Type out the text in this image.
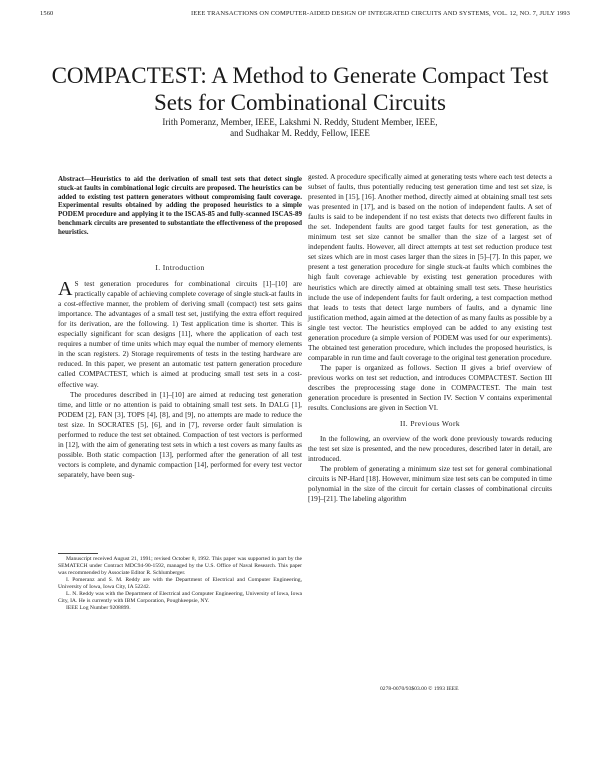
1560	IEEE TRANSACTIONS ON COMPUTER-AIDED DESIGN OF INTEGRATED CIRCUITS AND SYSTEMS, VOL. 12, NO. 7, JULY 1993
COMPACTEST: A Method to Generate Compact Test Sets for Combinational Circuits
Irith Pomeranz, Member, IEEE, Lakshmi N. Reddy, Student Member, IEEE,
and Sudhakar M. Reddy, Fellow, IEEE
Abstract—Heuristics to aid the derivation of small test sets that detect single stuck-at faults in combinational logic circuits are proposed. The heuristics can be added to existing test pattern generators without compromising fault coverage. Experimental results obtained by adding the proposed heuristics to a simple PODEM procedure and applying it to the ISCAS-85 and fully-scanned ISCAS-89 benchmark circuits are presented to substantiate the effectiveness of the proposed heuristics.
I. Introduction

A S test generation procedures for combinational circuits [1]–[10] are practically capable of achieving complete coverage of single stuck-at faults in a cost-effective manner, the problem of deriving small (compact) test sets gains importance. The advantages of a small test set, justifying the extra effort required for its derivation, are the following. 1) Test application time is shorter. This is especially significant for scan designs [11], where the application of each test requires a number of time units which may equal the number of memory elements in the scan registers. 2) Storage requirements of tests in the testing hardware are reduced. In this paper, we present an automatic test pattern generation procedure called COMPACTEST, which is aimed at producing small test sets in a cost-effective way.

The procedures described in [1]–[10] are aimed at reducing test generation time, and little or no attention is paid to obtaining small test sets. In DALG [1], PODEM [2], FAN [3], TOPS [4], [8], and [9], no attempts are made to reduce the test size. In SOCRATES [5], [6], and in [7], reverse order fault simulation is performed to reduce the test set obtained. Compaction of test vectors is performed in [12], with the aim of generating test sets in which a test covers as many faults as possible. Both static compaction [13], performed after the generation of all test vectors is complete, and dynamic compaction [14], performed for every test vector separately, have been sug-

Manuscript received August 21, 1991; revised October 8, 1992. This paper was supported in part by the SEMATECH under Contract MDC94-90-1592, managed by the U.S. Office of Naval Research. This paper was recommended by Associate Editor R. Schlumberger.

I. Pomeranz and S. M. Reddy are with the Department of Electrical and Computer Engineering, University of Iowa, Iowa City, IA 52242.

L. N. Reddy was with the Department of Electrical and Computer Engineering, University of Iowa, Iowa City, IA. He is currently with IBM Corporation, Poughkeepsie, NY.

IEEE Log Number 9208899.

gested. A procedure specifically aimed at generating tests where each test detects a subset of faults, thus potentially reducing test generation time and test set size, is presented in [15], [16]. Another method, directly aimed at obtaining small test sets was presented in [17], and is based on the notion of independent faults. A set of faults is said to be independent if no test exists that detects two different faults in the set. Independent faults are good target faults for test generation, as the minimum test set size cannot be smaller than the size of a largest set of independent faults. However, all direct attempts at test set reduction produce test set sizes which are in most cases larger than the sizes in [5]–[7]. In this paper, we present a test generation procedure for single stuck-at faults which combines the high fault coverage achievable by existing test generation procedures with heuristics which are directly aimed at obtaining small test sets. These heuristics include the use of independent faults for fault ordering, a test compaction method that leads to tests that detect large numbers of faults, and a dynamic line justification method, again aimed at the detection of as many faults as possible by a single test vector. The heuristics employed can be added to any existing test generation procedure (a simple version of PODEM was used for our experiments). The obtained test generation procedure, which includes the proposed heuristics, is comparable in run time and fault coverage to the original test generation procedure.

The paper is organized as follows. Section II gives a brief overview of previous works on test set reduction, and introduces COMPACTEST. Section III describes the preprocessing stage done in COMPACTEST. The main test generation procedure is presented in Section IV. Section V contains experimental results. Conclusions are given in Section VI.

II. Previous Work

In the following, an overview of the work done previously towards reducing the test set size is presented, and the new procedures, described later in detail, are introduced.

The problem of generating a minimum size test set for general combinational circuits is NP-Hard [18]. However, minimum size test sets can be computed in time polynomial in the size of the circuit for certain classes of combinational circuits [19]–[21]. The labeling algorithm

0278-0070/93$03.00 © 1993 IEEE
